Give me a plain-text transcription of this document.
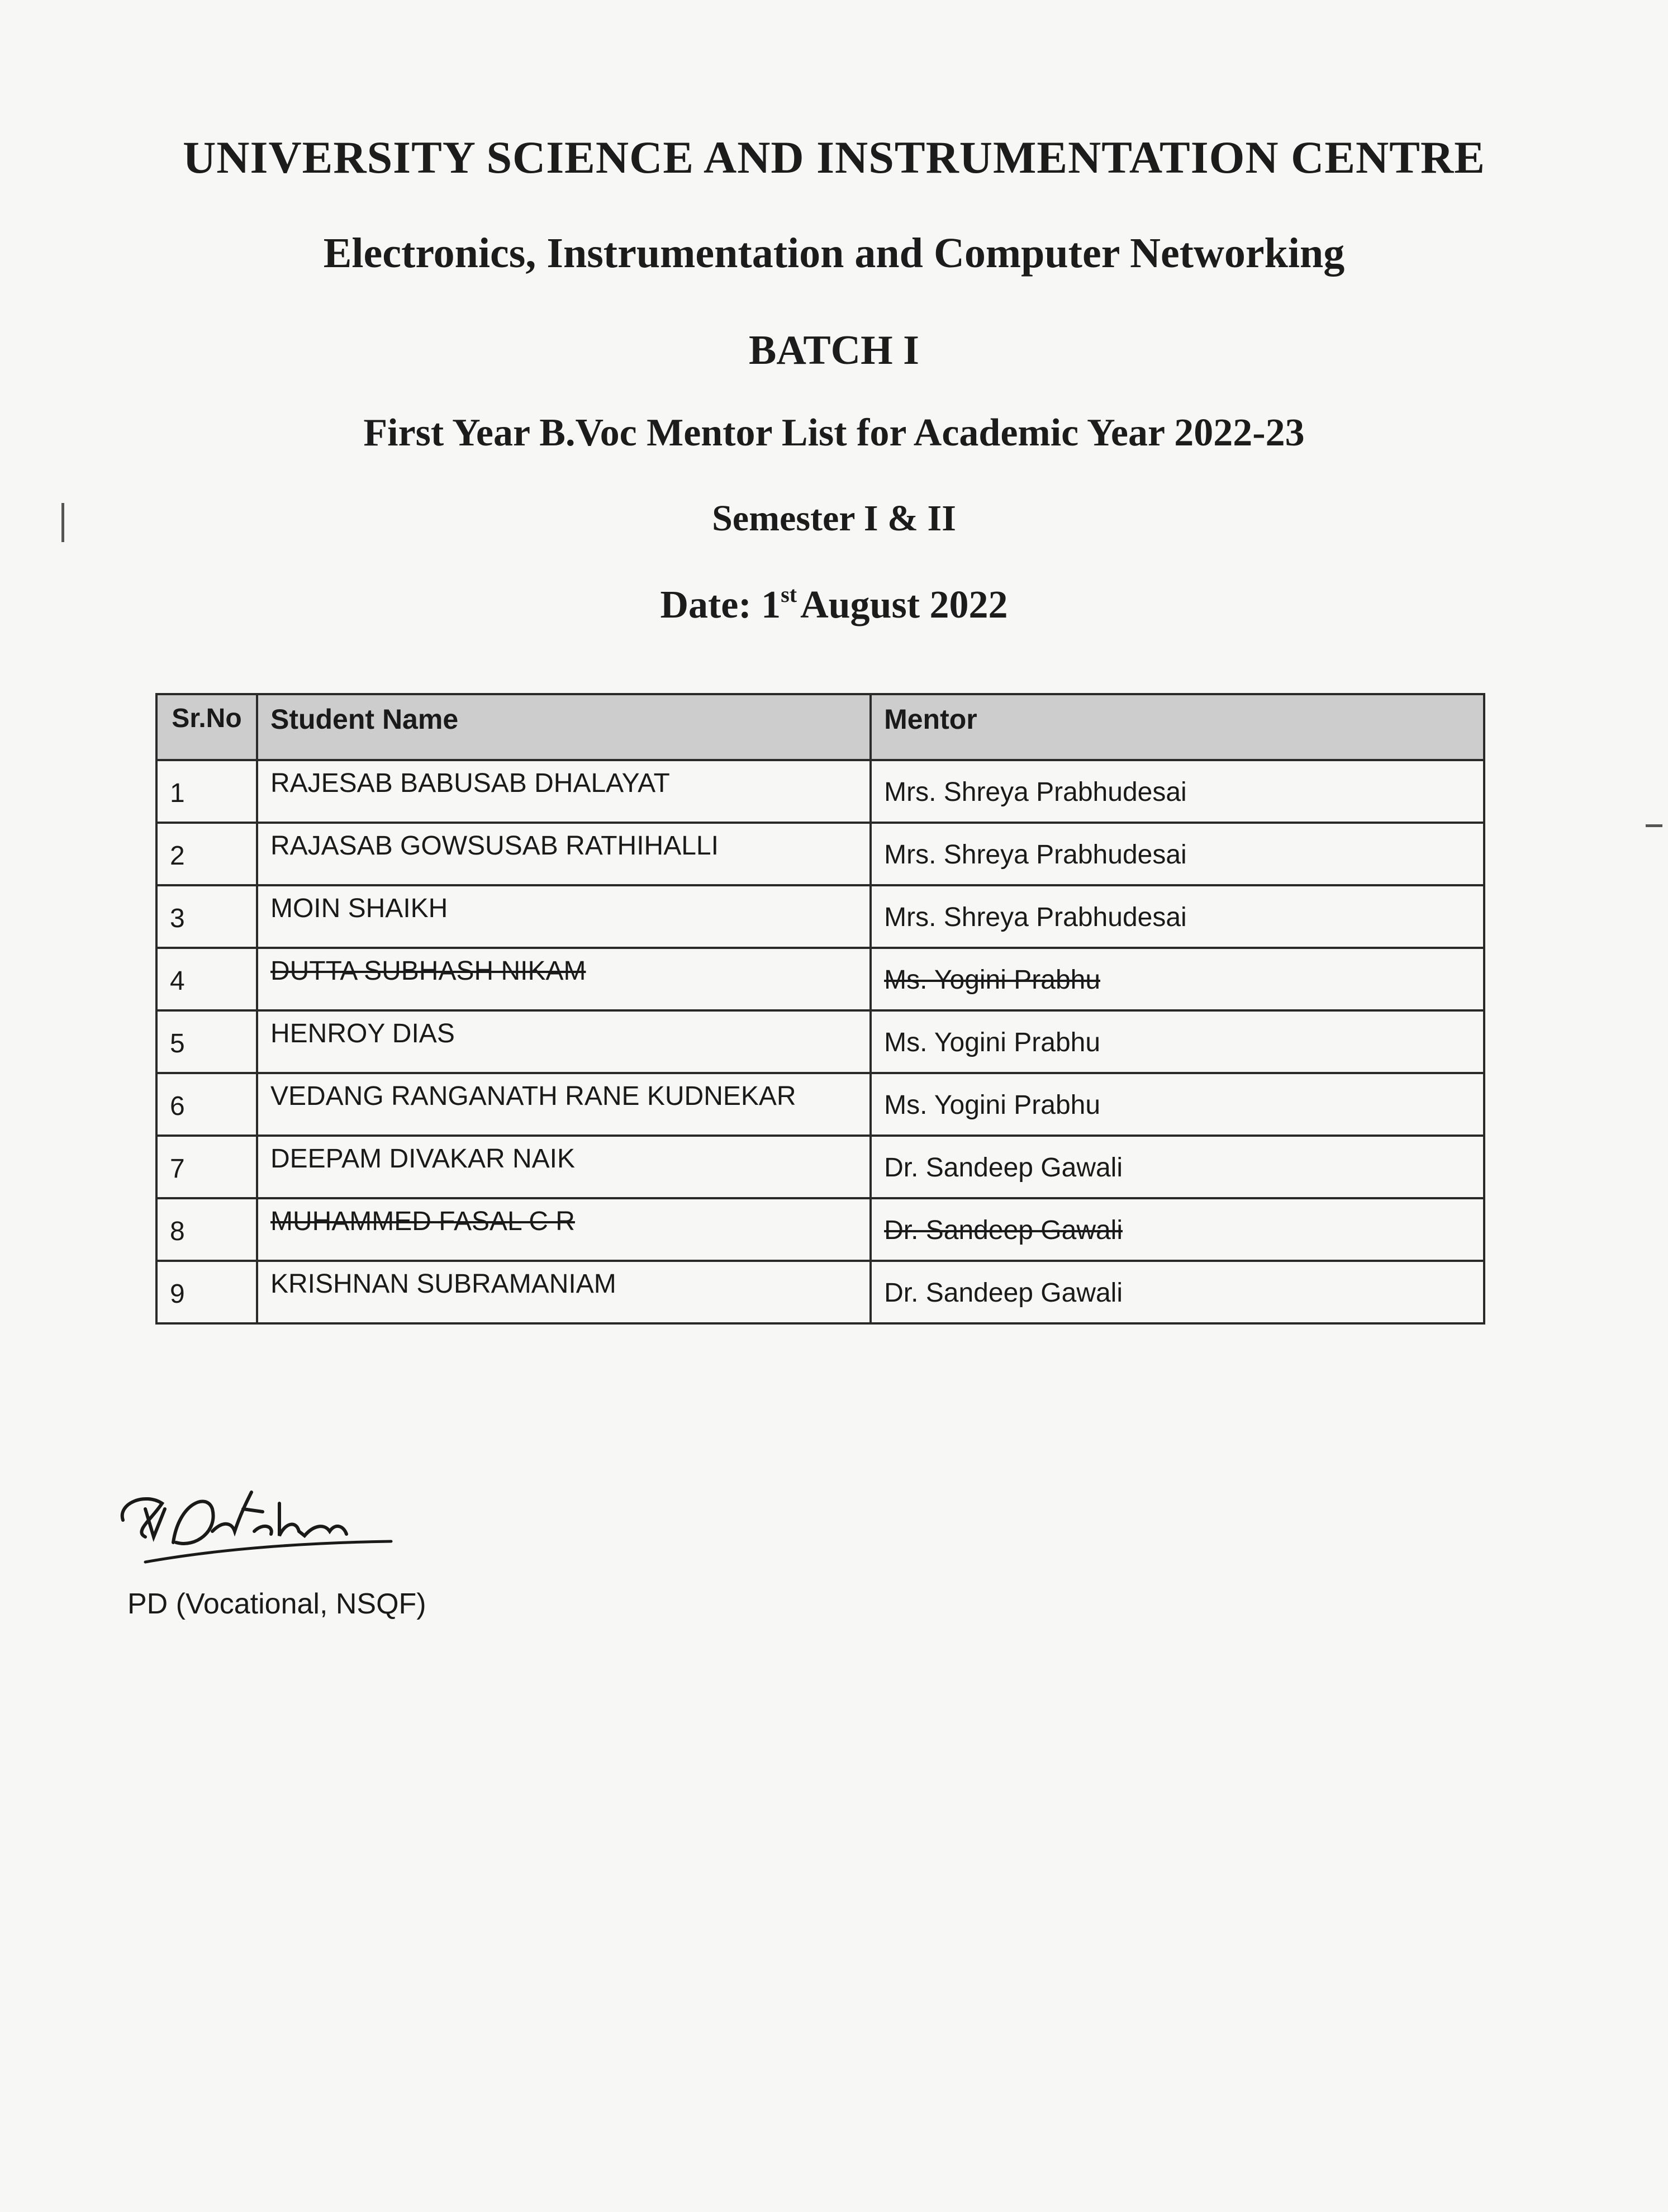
UNIVERSITY SCIENCE AND INSTRUMENTATION CENTRE
Electronics, Instrumentation and Computer Networking
BATCH I
First Year B.Voc Mentor List for Academic Year 2022-23
Semester I & II
Date: 1stAugust 2022
Sr.No	Student Name	Mentor
1	RAJESAB BABUSAB DHALAYAT	Mrs. Shreya Prabhudesai
2	RAJASAB GOWSUSAB RATHIHALLI	Mrs. Shreya Prabhudesai
3	MOIN SHAIKH	Mrs. Shreya Prabhudesai
4	DUTTA SUBHASH NIKAM	Ms. Yogini Prabhu
5	HENROY DIAS	Ms. Yogini Prabhu
6	VEDANG RANGANATH RANE KUDNEKAR	Ms. Yogini Prabhu
7	DEEPAM DIVAKAR NAIK	Dr. Sandeep Gawali
8	MUHAMMED FASAL C R	Dr. Sandeep Gawali
9	KRISHNAN SUBRAMANIAM	Dr. Sandeep Gawali
PD (Vocational, NSQF)
